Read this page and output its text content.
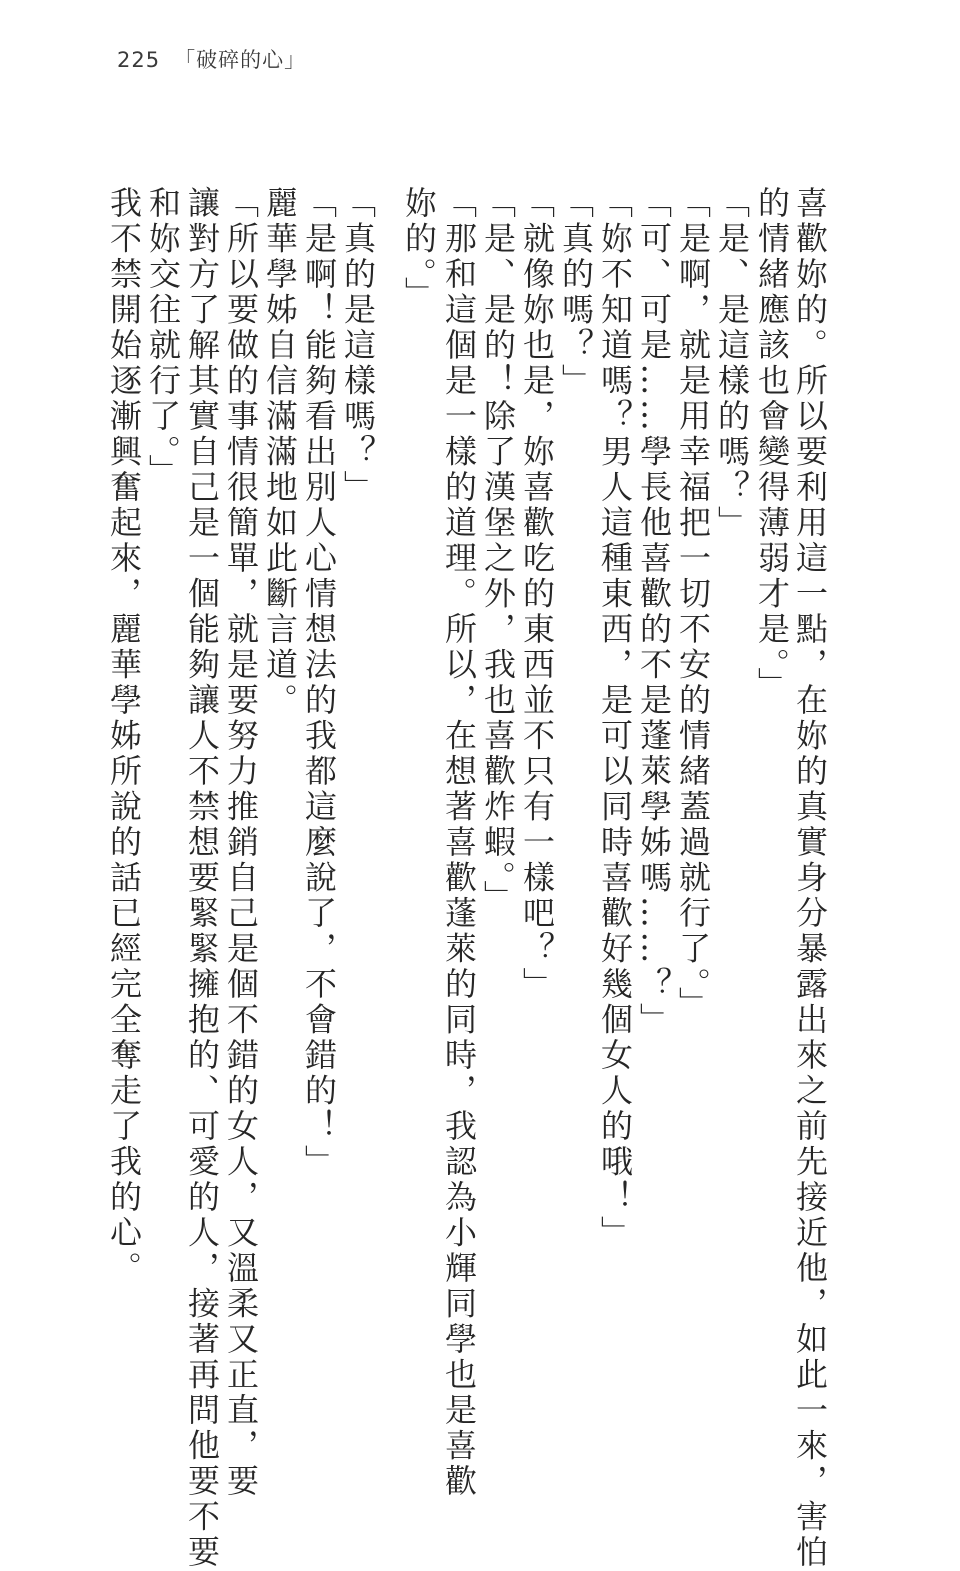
225 「破碎的心」

喜歡妳的。所以要利用這一點，在妳的真實身分暴露出來之前先接近他，如此一來，害怕

的情緒應該也會變得薄弱才是。」

「是、是這樣的嗎？」

「是啊，就是用幸福把一切不安的情緒蓋過就行了。」

「可、可是……學長他喜歡的不是蓬萊學姊嗎……？」

「妳不知道嗎？男人這種東西，是可以同時喜歡好幾個女人的哦！」

「真的嗎？」

「就像妳也是，妳喜歡吃的東西並不只有一樣吧？」

「是、是的！除了漢堡之外，我也喜歡炸蝦。」

「那和這個是一樣的道理。所以，在想著喜歡蓬萊的同時，我認為小輝同學也是喜歡

妳的。」

「真的是這樣嗎？」

「是啊！能夠看出別人心情想法的我都這麼說了，不會錯的！」

麗華學姊自信滿滿地如此斷言道。

「所以要做的事情很簡單，就是要努力推銷自己是個不錯的女人，又溫柔又正直，要

讓對方了解其實自己是一個能夠讓人不禁想要緊緊擁抱的、可愛的人，接著再問他要不要

和妳交往就行了。」

我不禁開始逐漸興奮起來，麗華學姊所說的話已經完全奪走了我的心。
